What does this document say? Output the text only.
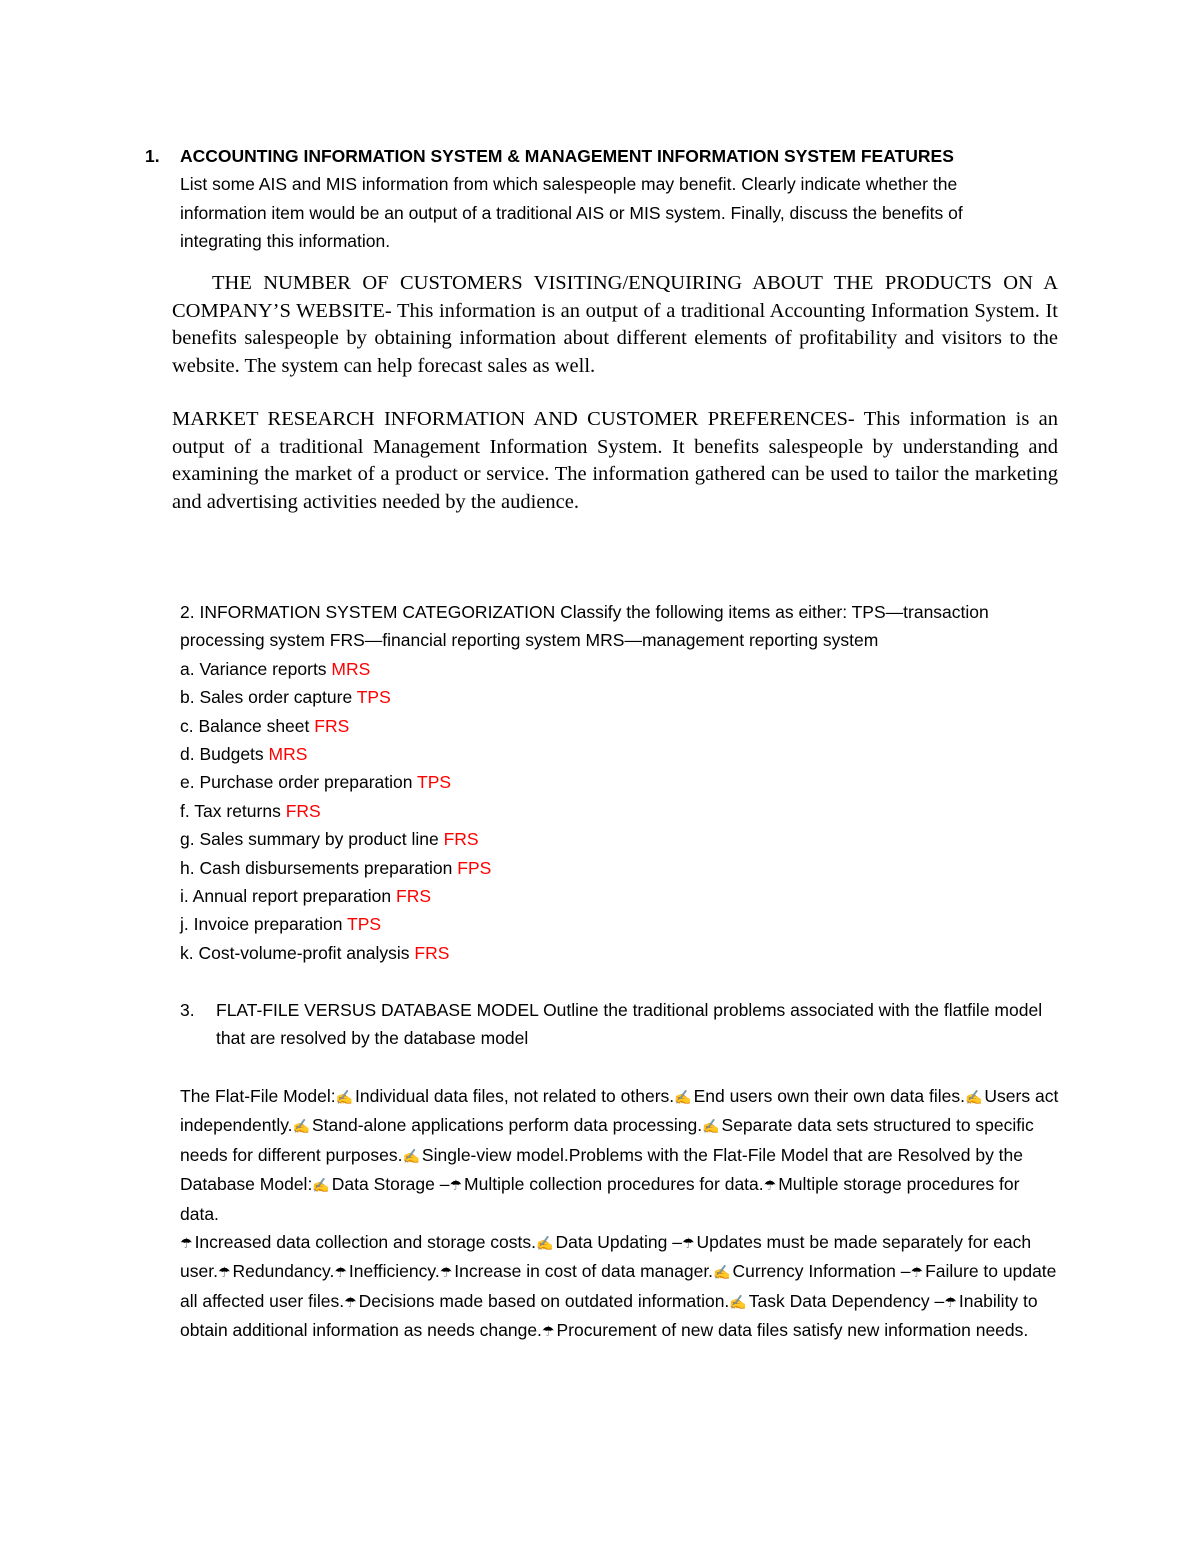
1. ACCOUNTING INFORMATION SYSTEM & MANAGEMENT INFORMATION SYSTEM FEATURES
List some AIS and MIS information from which salespeople may benefit. Clearly indicate whether the information item would be an output of a traditional AIS or MIS system. Finally, discuss the benefits of integrating this information.
THE NUMBER OF CUSTOMERS VISITING/ENQUIRING ABOUT THE PRODUCTS ON A COMPANY’S WEBSITE- This information is an output of a traditional Accounting Information System. It benefits salespeople by obtaining information about different elements of profitability and visitors to the website. The system can help forecast sales as well.
MARKET RESEARCH INFORMATION AND CUSTOMER PREFERENCES- This information is an output of a traditional Management Information System. It benefits salespeople by understanding and examining the market of a product or service. The information gathered can be used to tailor the marketing and advertising activities needed by the audience.
2. INFORMATION SYSTEM CATEGORIZATION Classify the following items as either: TPS—transaction processing system FRS—financial reporting system MRS—management reporting system
a. Variance reports MRS
b. Sales order capture TPS
c. Balance sheet FRS
d. Budgets MRS
e. Purchase order preparation TPS
f. Tax returns FRS
g. Sales summary by product line FRS
h. Cash disbursements preparation FPS
i. Annual report preparation FRS
j. Invoice preparation TPS
k. Cost-volume-profit analysis FRS
3. FLAT-FILE VERSUS DATABASE MODEL Outline the traditional problems associated with the flatfile model that are resolved by the database model
The Flat-File Model:✍ Individual data files, not related to others.✍ End users own their own data files.✍ Users act independently.✍ Stand-alone applications perform data processing.✍ Separate data sets structured to specific needs for different purposes.✍ Single-view model.Problems with the Flat-File Model that are Resolved by the Database Model:✍ Data Storage –☂ Multiple collection procedures for data.☂ Multiple storage procedures for data.
☂ Increased data collection and storage costs.✍ Data Updating –☂ Updates must be made separately for each user.☂ Redundancy.☂ Inefficiency.☂ Increase in cost of data manager.✍ Currency Information –☂ Failure to update all affected user files.☂ Decisions made based on outdated information.✍ Task Data Dependency –☂ Inability to obtain additional information as needs change.☂ Procurement of new data files satisfy new information needs.
